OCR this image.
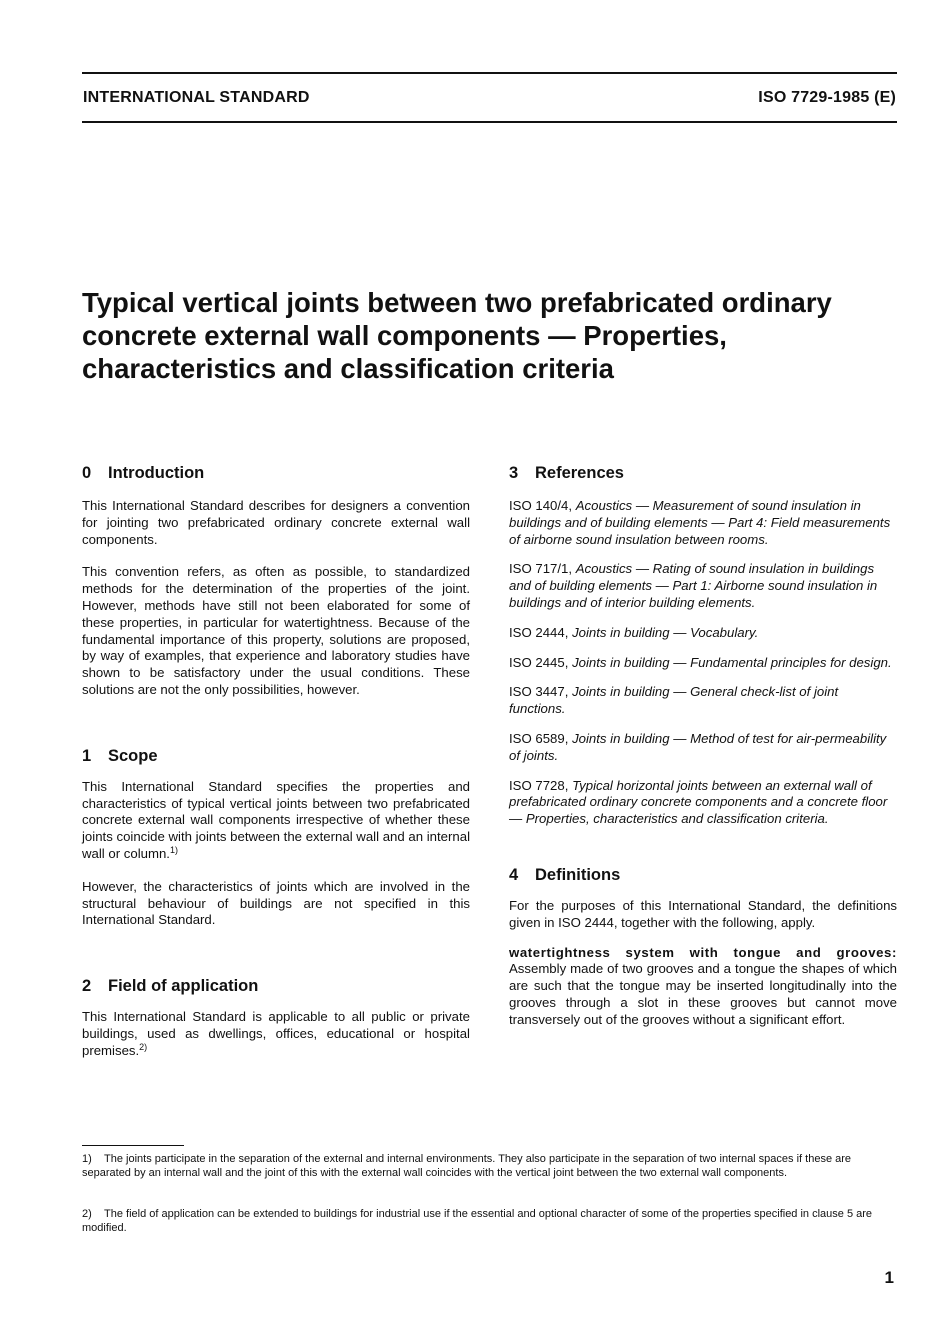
INTERNATIONAL STANDARD	ISO 7729-1985 (E)
Typical vertical joints between two prefabricated ordinary concrete external wall components — Properties, characteristics and classification criteria
0 Introduction

This International Standard describes for designers a convention for jointing two prefabricated ordinary concrete external wall components.

This convention refers, as often as possible, to standardized methods for the determination of the properties of the joint. However, methods have still not been elaborated for some of these properties, in particular for watertightness. Because of the fundamental importance of this property, solutions are proposed, by way of examples, that experience and laboratory studies have shown to be satisfactory under the usual conditions. These solutions are not the only possibilities, however.

1 Scope

This International Standard specifies the properties and characteristics of typical vertical joints between two prefabricated concrete external wall components irrespective of whether these joints coincide with joints between the external wall and an internal wall or column.$^{1)}$

However, the characteristics of joints which are involved in the structural behaviour of buildings are not specified in this International Standard.

2 Field of application

This International Standard is applicable to all public or private buildings, used as dwellings, offices, educational or hospital premises.$^{2)}$

3 References

ISO 140/4, Acoustics — Measurement of sound insulation in buildings and of building elements — Part 4: Field measurements of airborne sound insulation between rooms.

ISO 717/1, Acoustics — Rating of sound insulation in buildings and of building elements — Part 1: Airborne sound insulation in buildings and of interior building elements.

ISO 2444, Joints in building — Vocabulary.

ISO 2445, Joints in building — Fundamental principles for design.

ISO 3447, Joints in building — General check-list of joint functions.

ISO 6589, Joints in building — Method of test for air-permeability of joints.

ISO 7728, Typical horizontal joints between an external wall of prefabricated ordinary concrete components and a concrete floor — Properties, characteristics and classification criteria.

4 Definitions

For the purposes of this International Standard, the definitions given in ISO 2444, together with the following, apply.

watertightness system with tongue and grooves: Assembly made of two grooves and a tongue the shapes of which are such that the tongue may be inserted longitudinally into the grooves through a slot in these grooves but cannot move transversely out of the grooves without a significant effort.

1) The joints participate in the separation of the external and internal environments. They also participate in the separation of two internal spaces if these are separated by an internal wall and the joint of this with the external wall coincides with the vertical joint between the two external wall components.

2) The field of application can be extended to buildings for industrial use if the essential and optional character of some of the properties specified in clause 5 are modified.

1
